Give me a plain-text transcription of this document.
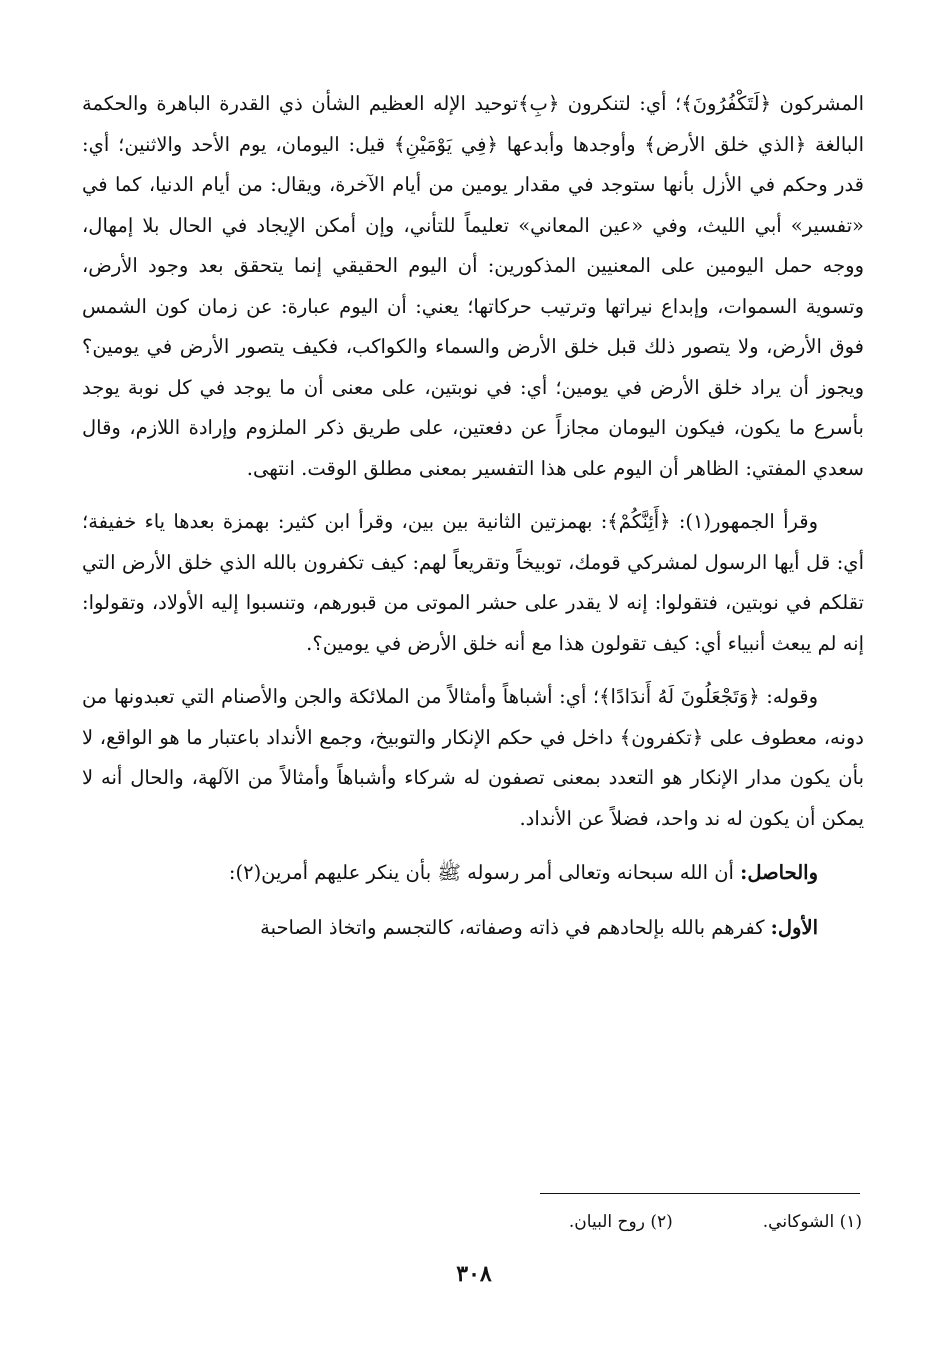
المشركون ﴿لَتَكْفُرُونَ﴾؛ أي: لتنكرون ﴿بِ﴾توحيد الإله العظيم الشأن ذي القدرة الباهرة والحكمة البالغة ﴿الذي خلق الأرض﴾ وأوجدها وأبدعها ﴿فِي يَوْمَيْنِ﴾ قيل: اليومان، يوم الأحد والاثنين؛ أي: قدر وحكم في الأزل بأنها ستوجد في مقدار يومين من أيام الآخرة، ويقال: من أيام الدنيا، كما في «تفسير» أبي الليث، وفي «عين المعاني» تعليماً للتأني، وإن أمكن الإيجاد في الحال بلا إمهال، ووجه حمل اليومين على المعنيين المذكورين: أن اليوم الحقيقي إنما يتحقق بعد وجود الأرض، وتسوية السموات، وإبداع نيراتها وترتيب حركاتها؛ يعني: أن اليوم عبارة: عن زمان كون الشمس فوق الأرض، ولا يتصور ذلك قبل خلق الأرض والسماء والكواكب، فكيف يتصور الأرض في يومين؟ ويجوز أن يراد خلق الأرض في يومين؛ أي: في نوبتين، على معنى أن ما يوجد في كل نوبة يوجد بأسرع ما يكون، فيكون اليومان مجازاً عن دفعتين، على طريق ذكر الملزوم وإرادة اللازم، وقال سعدي المفتي: الظاهر أن اليوم على هذا التفسير بمعنى مطلق الوقت. انتهى.

وقرأ الجمهور(١): ﴿أَئِنَّكُمْ﴾: بهمزتين الثانية بين بين، وقرأ ابن كثير: بهمزة بعدها ياء خفيفة؛ أي: قل أيها الرسول لمشركي قومك، توبيخاً وتقريعاً لهم: كيف تكفرون بالله الذي خلق الأرض التي تقلكم في نوبتين، فتقولوا: إنه لا يقدر على حشر الموتى من قبورهم، وتنسبوا إليه الأولاد، وتقولوا: إنه لم يبعث أنبياء أي: كيف تقولون هذا مع أنه خلق الأرض في يومين؟.

وقوله: ﴿وَتَجْعَلُونَ لَهُ أَندَادًا﴾؛ أي: أشباهاً وأمثالاً من الملائكة والجن والأصنام التي تعبدونها من دونه، معطوف على ﴿تكفرون﴾ داخل في حكم الإنكار والتوبيخ، وجمع الأنداد باعتبار ما هو الواقع، لا بأن يكون مدار الإنكار هو التعدد بمعنى تصفون له شركاء وأشباهاً وأمثالاً من الآلهة، والحال أنه لا يمكن أن يكون له ند واحد، فضلاً عن الأنداد.

والحاصل: أن الله سبحانه وتعالى أمر رسوله ﷺ بأن ينكر عليهم أمرين(٢):

الأول: كفرهم بالله بإلحادهم في ذاته وصفاته، كالتجسم واتخاذ الصاحبة

(١) الشوكاني.
(٢) روح البيان.
٣٠٨
